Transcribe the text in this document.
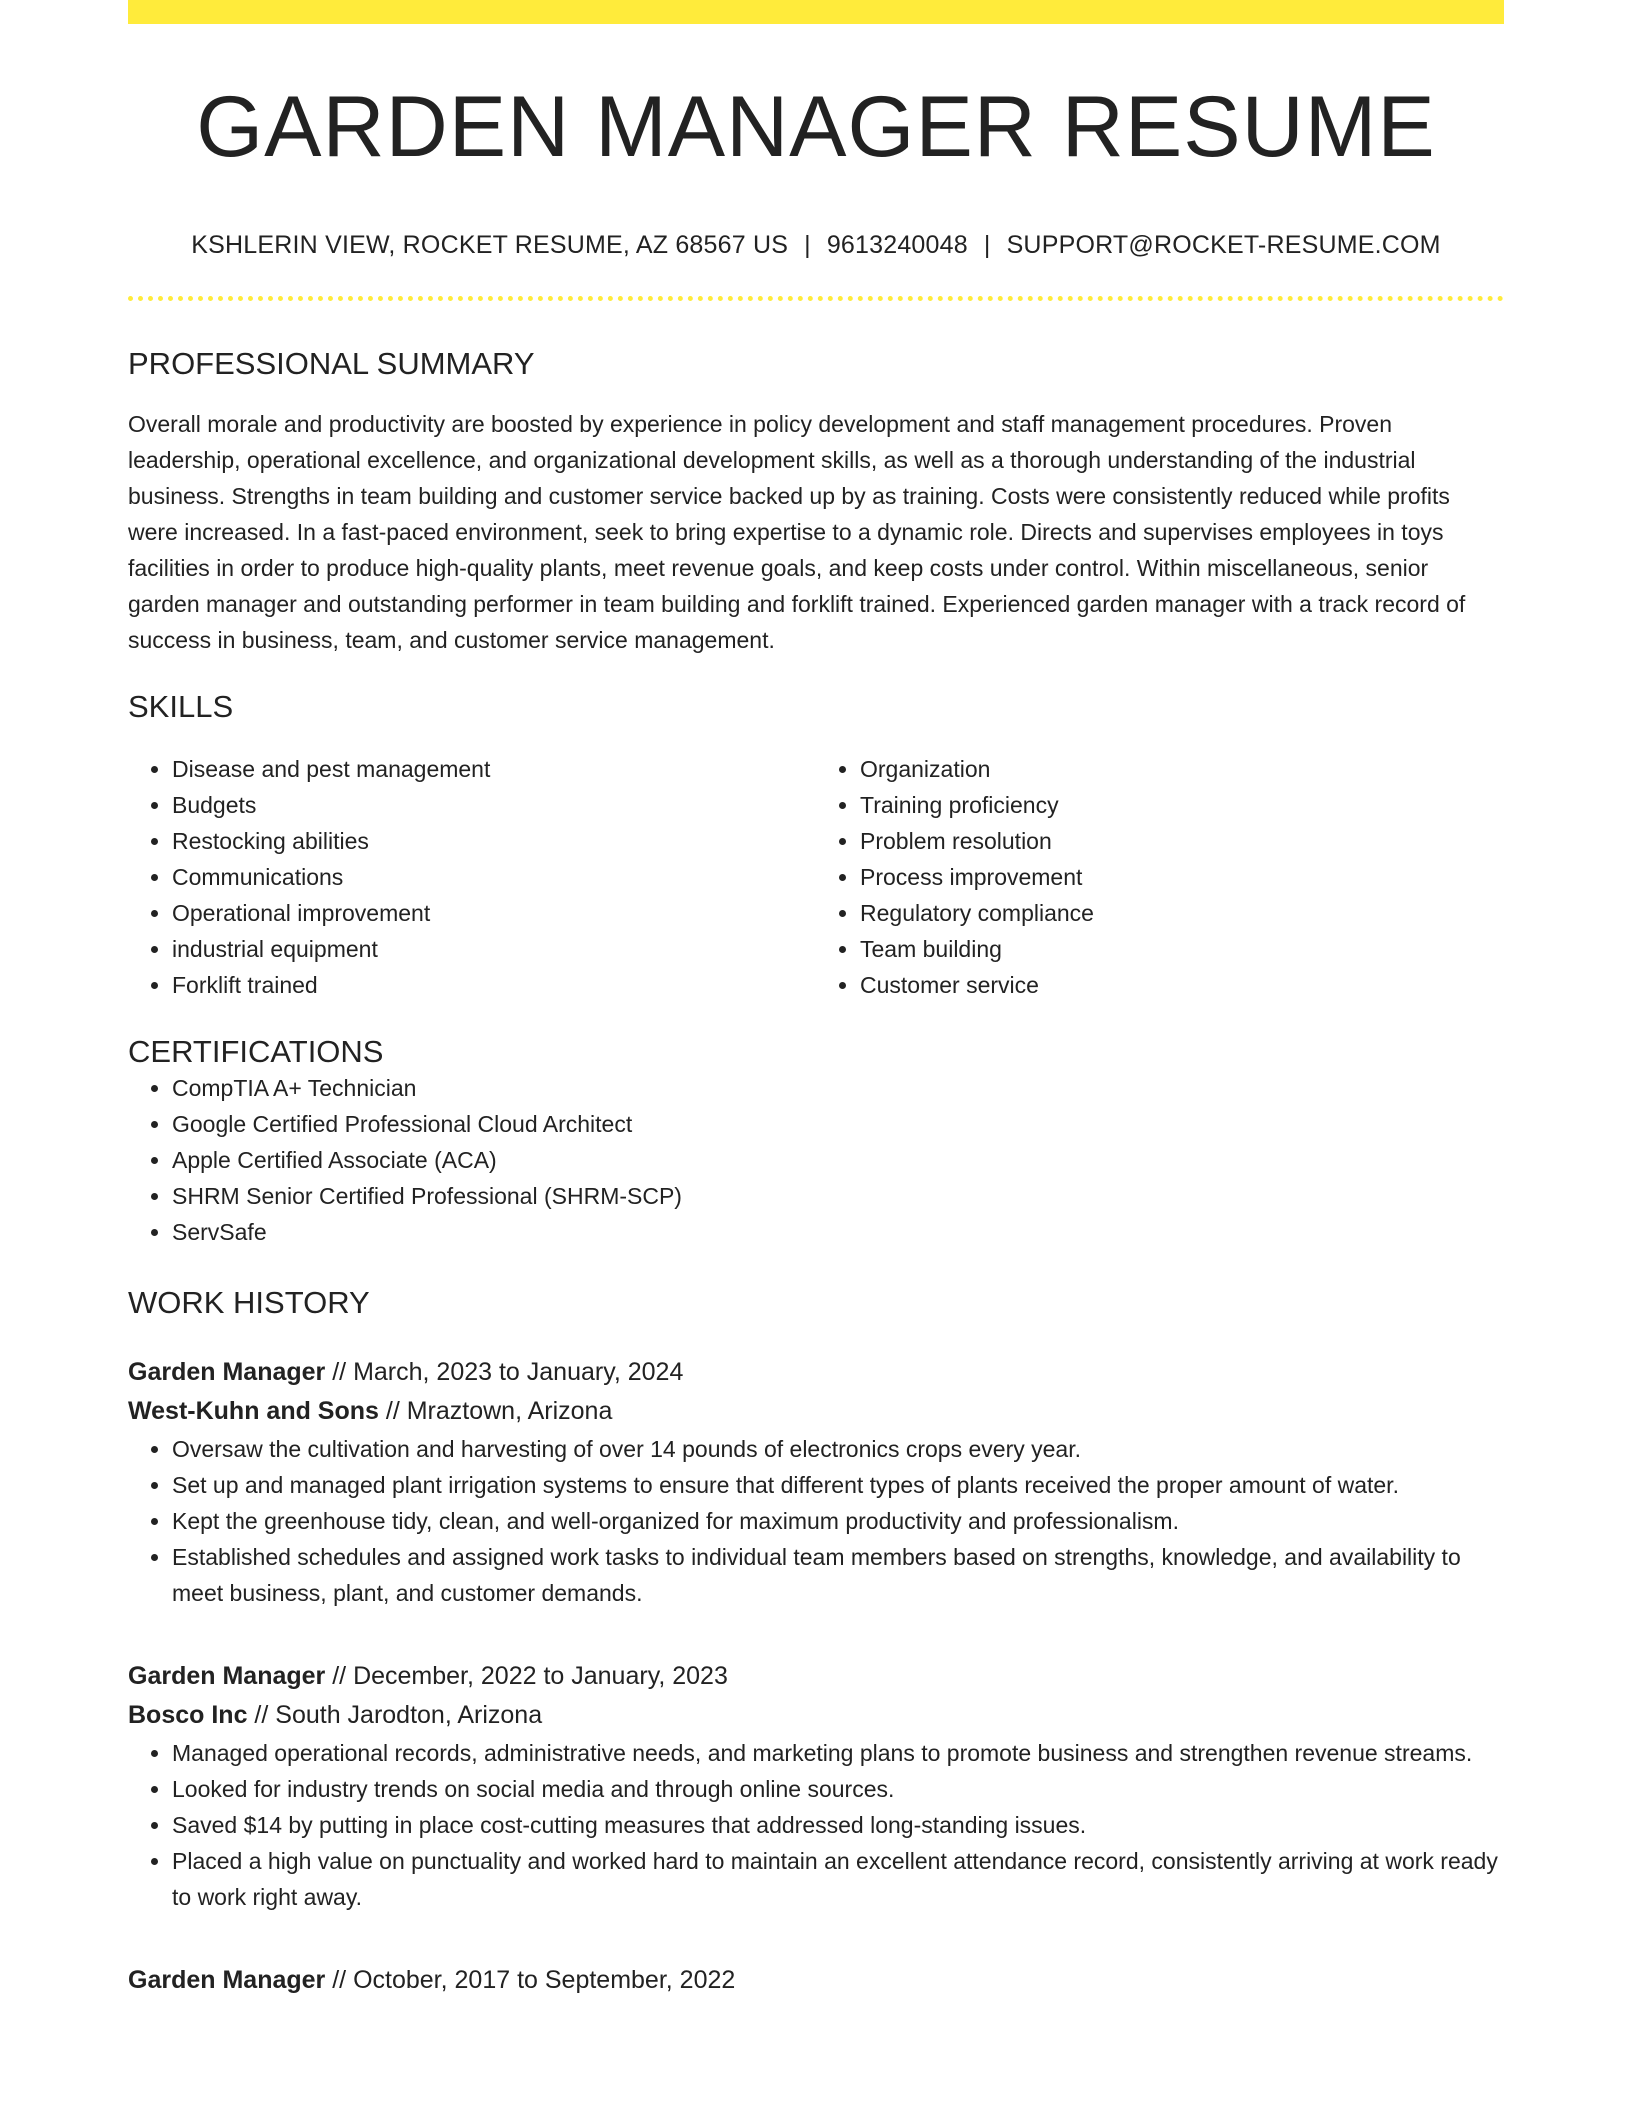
GARDEN MANAGER RESUME
KSHLERIN VIEW, ROCKET RESUME, AZ 68567 US | 9613240048 | SUPPORT@ROCKET-RESUME.COM
PROFESSIONAL SUMMARY
Overall morale and productivity are boosted by experience in policy development and staff management procedures. Proven leadership, operational excellence, and organizational development skills, as well as a thorough understanding of the industrial business. Strengths in team building and customer service backed up by as training. Costs were consistently reduced while profits were increased. In a fast-paced environment, seek to bring expertise to a dynamic role. Directs and supervises employees in toys facilities in order to produce high-quality plants, meet revenue goals, and keep costs under control. Within miscellaneous, senior garden manager and outstanding performer in team building and forklift trained. Experienced garden manager with a track record of success in business, team, and customer service management.
SKILLS
• Disease and pest management
• Budgets
• Restocking abilities
• Communications
• Operational improvement
• industrial equipment
• Forklift trained
• Organization
• Training proficiency
• Problem resolution
• Process improvement
• Regulatory compliance
• Team building
• Customer service
CERTIFICATIONS
• CompTIA A+ Technician
• Google Certified Professional Cloud Architect
• Apple Certified Associate (ACA)
• SHRM Senior Certified Professional (SHRM-SCP)
• ServSafe
WORK HISTORY
Garden Manager // March, 2023 to January, 2024
West-Kuhn and Sons // Mraztown, Arizona
• Oversaw the cultivation and harvesting of over 14 pounds of electronics crops every year.
• Set up and managed plant irrigation systems to ensure that different types of plants received the proper amount of water.
• Kept the greenhouse tidy, clean, and well-organized for maximum productivity and professionalism.
• Established schedules and assigned work tasks to individual team members based on strengths, knowledge, and availability to meet business, plant, and customer demands.
Garden Manager // December, 2022 to January, 2023
Bosco Inc // South Jarodton, Arizona
• Managed operational records, administrative needs, and marketing plans to promote business and strengthen revenue streams.
• Looked for industry trends on social media and through online sources.
• Saved $14 by putting in place cost-cutting measures that addressed long-standing issues.
• Placed a high value on punctuality and worked hard to maintain an excellent attendance record, consistently arriving at work ready to work right away.
Garden Manager // October, 2017 to September, 2022
